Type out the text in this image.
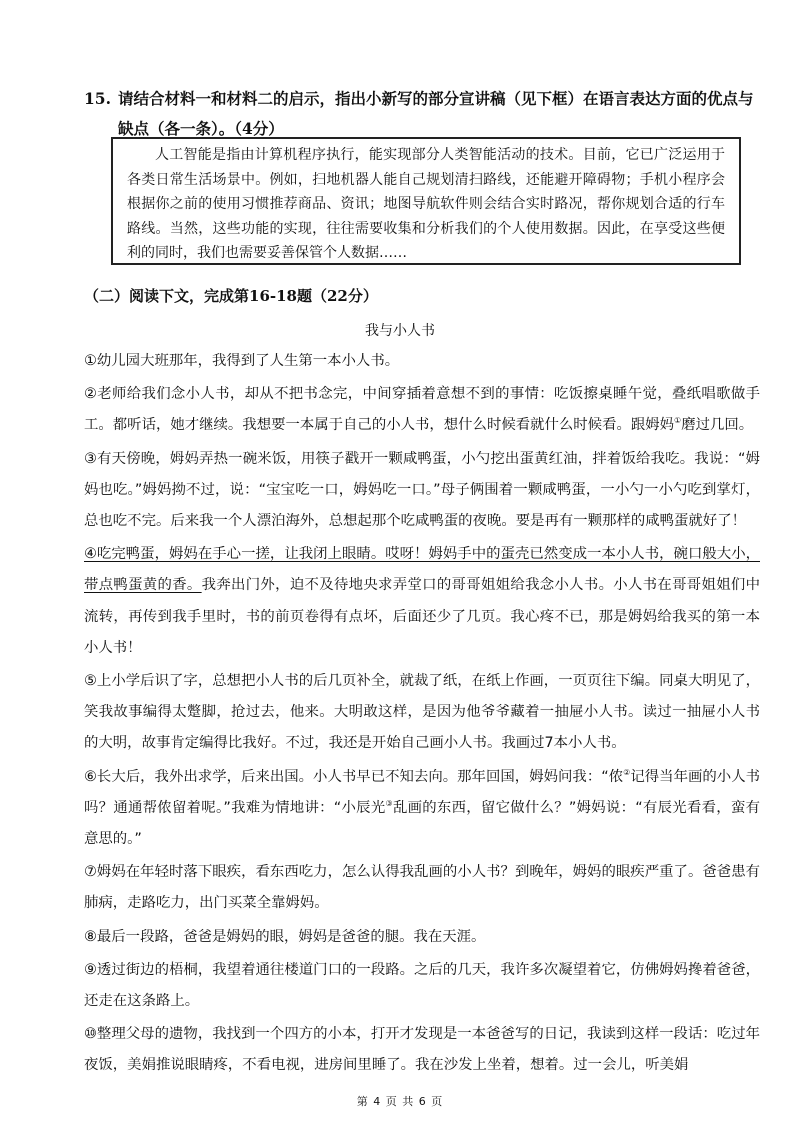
15. 请结合材料一和材料二的启示，指出小新写的部分宣讲稿（见下框）在语言表达方面的优点与缺点（各一条）。（4分）

人工智能是指由计算机程序执行，能实现部分人类智能活动的技术。目前，它已广泛运用于各类日常生活场景中。例如，扫地机器人能自己规划清扫路线，还能避开障碍物；手机小程序会根据你之前的使用习惯推荐商品、资讯；地图导航软件则会结合实时路况，帮你规划合适的行车路线。当然，这些功能的实现，往往需要收集和分析我们的个人使用数据。因此，在享受这些便利的同时，我们也需要妥善保管个人数据……

（二）阅读下文，完成第16-18题（22分）
我与小人书

①幼儿园大班那年，我得到了人生第一本小人书。

②老师给我们念小人书，却从不把书念完，中间穿插着意想不到的事情：吃饭擦桌睡午觉，叠纸唱歌做手工。都听话，她才继续。我想要一本属于自己的小人书，想什么时候看就什么时候看。跟姆妈①磨过几回。

③有天傍晚，姆妈弄热一碗米饭，用筷子戳开一颗咸鸭蛋，小勺挖出蛋黄红油，拌着饭给我吃。我说：“姆妈也吃。”姆妈拗不过，说：“宝宝吃一口，姆妈吃一口。”母子俩围着一颗咸鸭蛋，一小勺一小勺吃到掌灯，总也吃不完。后来我一个人漂泊海外，总想起那个吃咸鸭蛋的夜晚。要是再有一颗那样的咸鸭蛋就好了！

④吃完鸭蛋，姆妈在手心一搓，让我闭上眼睛。哎呀！姆妈手中的蛋壳已然变成一本小人书，碗口般大小，带点鸭蛋黄的香。我奔出门外，迫不及待地央求弄堂口的哥哥姐姐给我念小人书。小人书在哥哥姐姐们中流转，再传到我手里时，书的前页卷得有点坏，后面还少了几页。我心疼不已，那是姆妈给我买的第一本小人书！

⑤上小学后识了字，总想把小人书的后几页补全，就裁了纸，在纸上作画，一页页往下编。同桌大明见了，笑我故事编得太蹩脚，抢过去，他来。大明敢这样，是因为他爷爷藏着一抽屉小人书。读过一抽屉小人书的大明，故事肯定编得比我好。不过，我还是开始自己画小人书。我画过7本小人书。

⑥长大后，我外出求学，后来出国。小人书早已不知去向。那年回国，姆妈问我：“侬②记得当年画的小人书吗？通通帮侬留着呢。”我难为情地讲：“小辰光③乱画的东西，留它做什么？”姆妈说：“有辰光看看，蛮有意思的。”

⑦姆妈在年轻时落下眼疾，看东西吃力，怎么认得我乱画的小人书？到晚年，姆妈的眼疾严重了。爸爸患有肺病，走路吃力，出门买菜全靠姆妈。

⑧最后一段路，爸爸是姆妈的眼，姆妈是爸爸的腿。我在天涯。

⑨透过街边的梧桐，我望着通往楼道门口的一段路。之后的几天，我许多次凝望着它，仿佛姆妈搀着爸爸，还走在这条路上。

⑩整理父母的遗物，我找到一个四方的小本，打开才发现是一本爸爸写的日记，我读到这样一段话：吃过年夜饭，美娟推说眼睛疼，不看电视，进房间里睡了。我在沙发上坐着，想着。过一会儿，听美娟

第 4 页 共 6 页
